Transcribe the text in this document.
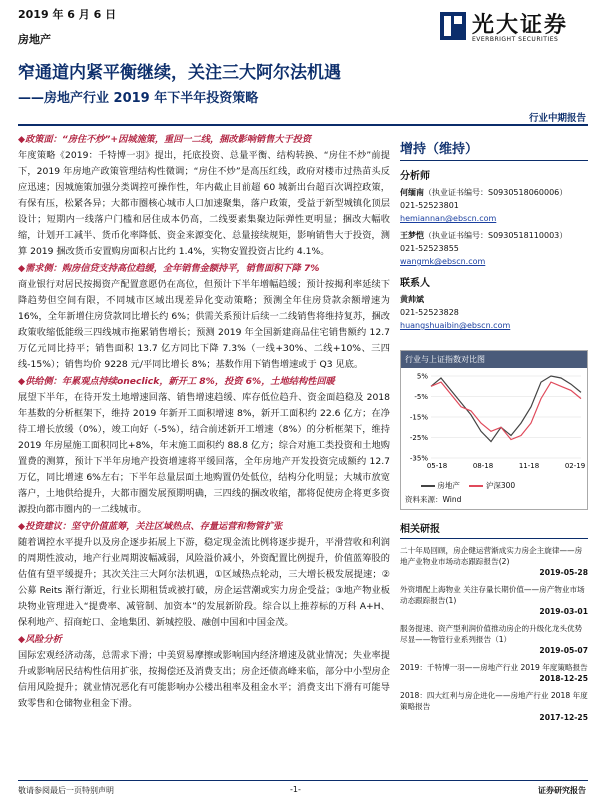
2019 年 6 月 6 日
房地产
光大证券
EVERBRIGHT SECURITIES
窄通道内紧平衡继续，关注三大阿尔法机遇
——房地产行业 2019 年下半年投资策略
行业中期报告
◆政策面：“房住不炒”+因城施策，重回一二线，捆改影响销售大于投资
年度策略《2019：千特博一羽》提出，托底投资、总量平衡、结构转换、“房住不炒”前提下，2019 年房地产政策管理结构性微调；“房住不炒”是高压红线，政府对楼市过热苗头反应迅速；因城施策加强分类调控可操作性，年内截止目前超 60 城新出台超百次调控政策，有保有压，松紧各异；大都市圈核心城市人口加速聚集，落户政策，受益于新型城镇化顶层设计；短期内一线落户门槛和居住成本仍高，二线要素集聚边际弹性更明显；捆改大幅收缩，计划开工减半、货币化率降低、资金来源变化、总量接续规矩，影响销售大于投资，测算 2019 捆改货币安置购房面积占比约 1.4%，实物安置投资占比约 4.1%。
◆需求侧：购房信贷支持高位趋缓，全年销售金额持平，销售面积下降 7%
商业银行对居民按揭资产配置意愿仍在高位，但预计下半年增幅趋缓；预计按揭利率延续下降趋势但空间有限，不同城市区域出现差异化变动策略；预测全年住房贷款余额增速为 16%，全年新增住房贷款同比增长约 6%；供需关系预计后续一二线销售将维持复苏，捆改政策收缩低能级三四线城市拖累销售增长；预测 2019 年全国新建商品住宅销售额约 12.7 万亿元同比持平；销售面积 13.7 亿方同比下降 7.3%（一线+30%、二线+10%、三四线-15%）；销售均价 9228 元/平同比增长 8%；基数作用下销售增速或于 Q3 见底。
◆供给侧：年累观点持续oneclick，新开工 8%，投资 6%，土地结构性回暖
展望下半年，在待开发土地增速回落、销售增速趋缓、库存低位趋升、资金面趋稳及 2018 年基数的分析框架下，维持 2019 年新开工面积增速 8%，新开工面积约 22.6 亿方；在净待工增长放缓（0%），竣工向好（-5%），结合前述新开工增速（8%）的分析框架下，维持 2019 年房屋施工面积同比+8%，年末施工面积约 88.8 亿方；综合对施工类投资和土地购置费的测算，预计下半年房地产投资增速将平缓回落，全年房地产开发投资完成额约 12.7 万亿，同比增速 6%左右；下半年总量层面土地购置仍处低位，结构分化明显；大城市放宽落户，土地供给提升，大都市圈发展预期明确，三四线的捆改收缩，都将促使房企将更多资源投向都市圈内的一二线城市。
◆投资建议：坚守价值蓝筹，关注区域热点、存量运营和物管扩张
随着调控水平提升以及房企逐步拓展上下游，稳定现金流比例将逐步提升，平滑营收和利润的周期性波动，地产行业周期波幅减弱，风险溢价减小，外资配置比例提升，价值蓝筹股的估值有望平缓提升；其次关注三大阿尔法机遇，①区域热点轮动，三大增长极发展提速；②公募 Reits 渐行渐近，行业长期租赁或被打破，房企运营潮或实力房企受益；③地产物业板块物业管理进入“提费率、减管制、加资本”的发展新阶段。综合以上推荐标的万科 A+H、保利地产、招商蛇口、金地集团、新城控股、融创中国和中国金茂。
◆风险分析
国际宏观经济动荡，总需求下滑；中美贸易摩擦或影响国内经济增速及就业情况；失业率提升或影响居民结构性信用扩张，按揭偿还及消费支出；房企还债高峰来临，部分中小型房企信用风险提升；就业情况恶化有可能影响办公楼出租率及租金水平；消费支出下滑有可能导致零售和仓储物业租金下滑。
增持（维持）
分析师
何缅南（执业证书编号：S0930518060006）
021-52523801
hemiannan@ebscn.com
王梦恺（执业证书编号：S0930518110003）
021-52523855
wangmk@ebscn.com
联系人
黄帅斌
021-52523828
huangshuaibin@ebscn.com
行业与上证指数对比图
5%
-5%
-15%
-25%
-35%
05-18	08-18	11-18	02-19
房地产	沪深300
资料来源：Wind
相关研报
二十年局回顾，房企健运营渐成实力房企主旋律——房地产业物业市场动态跟踪报告(2)
2019-05-28
外资增配上海物业 关注存量长期价值——房产物业市场动态跟踪报告(1)
2019-03-01
服务提速、资产型利润价值推动房企的升级化龙头优势尽显——物管行业系列报告（1）
2019-05-07
2019：千特博一羽——房地产行业 2019 年度策略报告
2018-12-25
2018：四大红利与房企进化——房地产行业 2018 年度策略报告
2017-12-25
敬请参阅最后一页特别声明	-1-	证券研究报告
